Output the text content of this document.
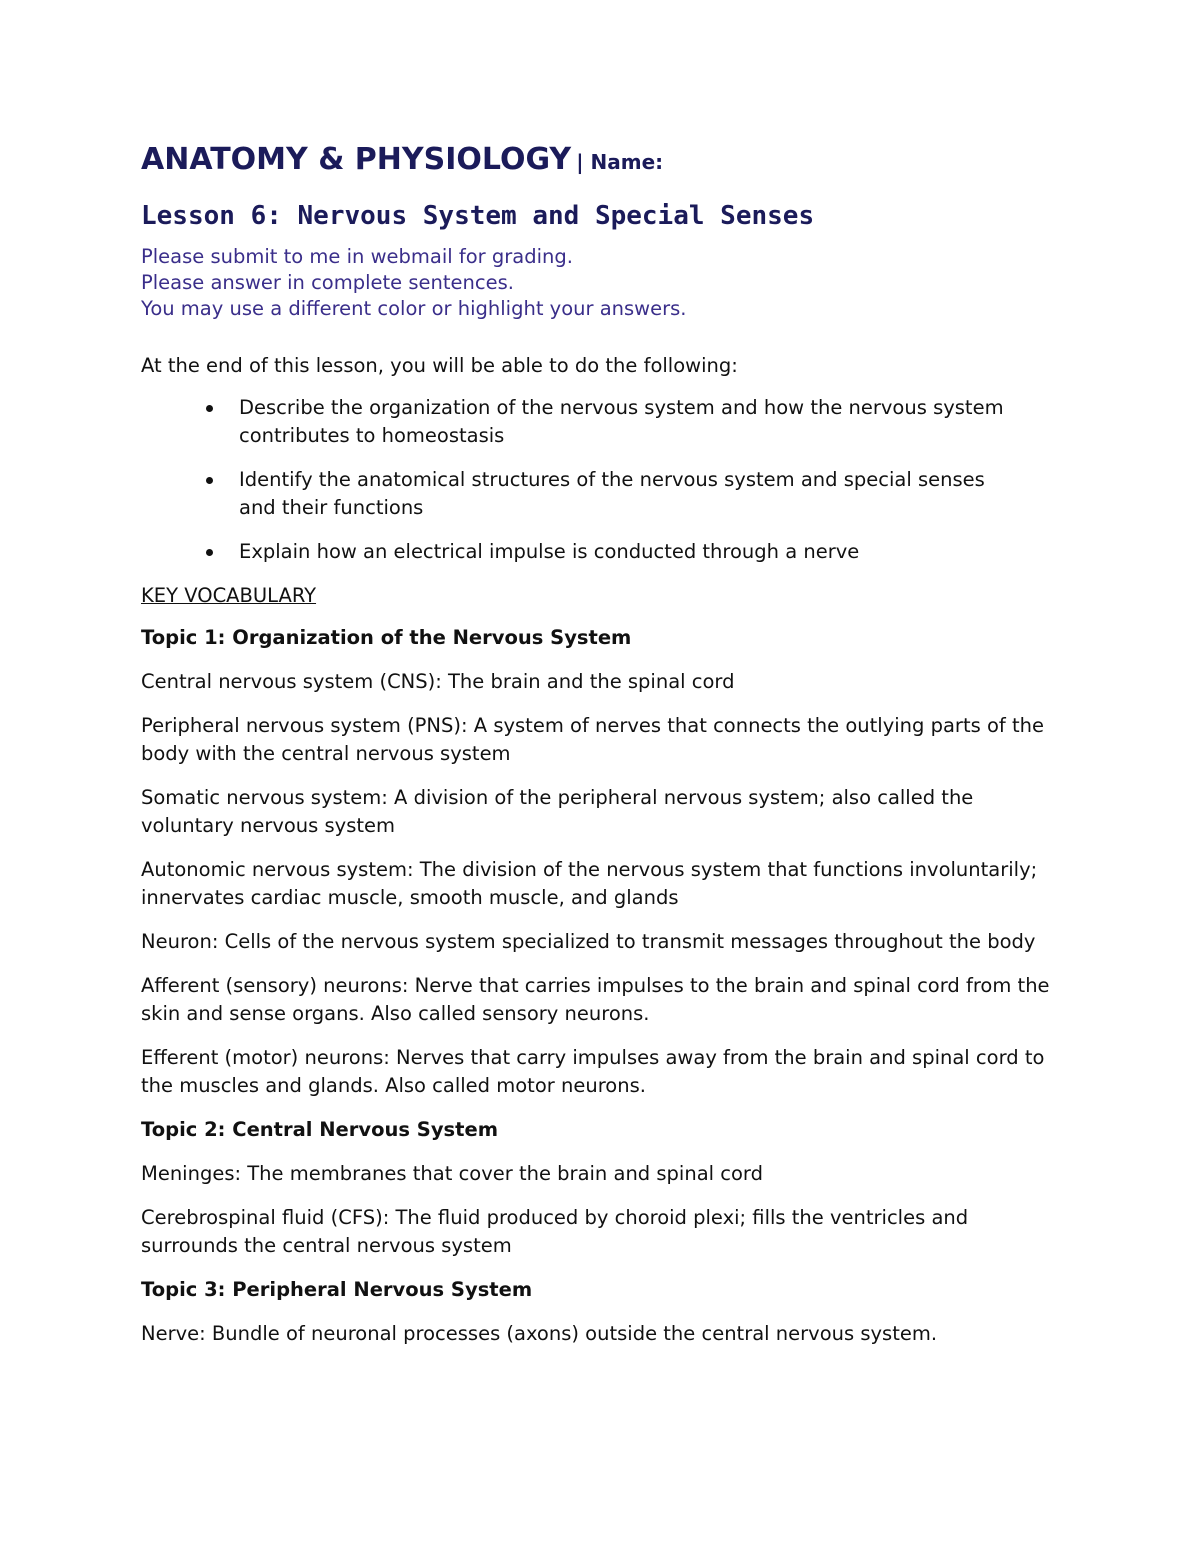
ANATOMY & PHYSIOLOGY | Name:
Lesson 6: Nervous System and Special Senses
Please submit to me in webmail for grading.
Please answer in complete sentences.
You may use a different color or highlight your answers.
At the end of this lesson, you will be able to do the following:
Describe the organization of the nervous system and how the nervous system contributes to homeostasis
Identify the anatomical structures of the nervous system and special senses and their functions
Explain how an electrical impulse is conducted through a nerve
KEY VOCABULARY
Topic 1: Organization of the Nervous System
Central nervous system (CNS): The brain and the spinal cord
Peripheral nervous system (PNS): A system of nerves that connects the outlying parts of the body with the central nervous system
Somatic nervous system: A division of the peripheral nervous system; also called the voluntary nervous system
Autonomic nervous system: The division of the nervous system that functions involuntarily; innervates cardiac muscle, smooth muscle, and glands
Neuron: Cells of the nervous system specialized to transmit messages throughout the body
Afferent (sensory) neurons: Nerve that carries impulses to the brain and spinal cord from the skin and sense organs. Also called sensory neurons.
Efferent (motor) neurons: Nerves that carry impulses away from the brain and spinal cord to the muscles and glands. Also called motor neurons.
Topic 2: Central Nervous System
Meninges: The membranes that cover the brain and spinal cord
Cerebrospinal fluid (CFS): The fluid produced by choroid plexi; fills the ventricles and surrounds the central nervous system
Topic 3: Peripheral Nervous System
Nerve: Bundle of neuronal processes (axons) outside the central nervous system.
